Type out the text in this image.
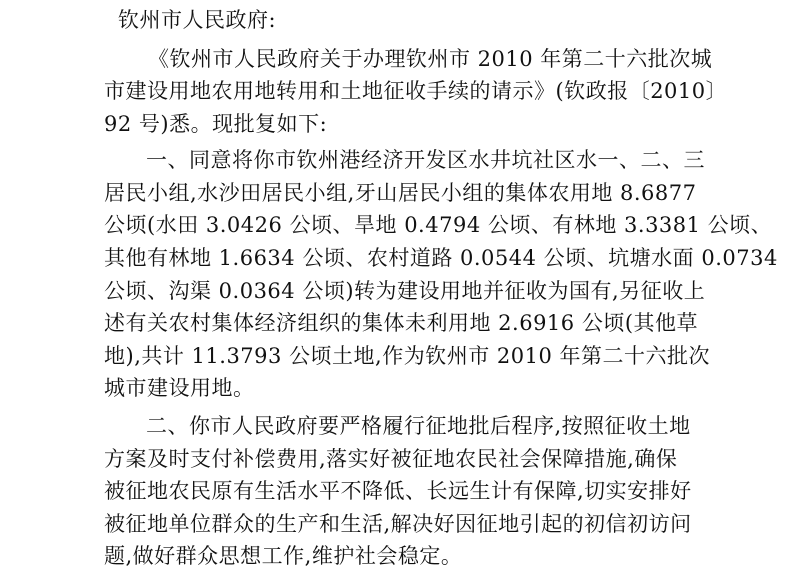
钦州市人民政府:
《钦州市人民政府关于办理钦州市 2010 年第二十六批次城
市建设用地农用地转用和土地征收手续的请示》(钦政报〔2010〕
92 号)悉。现批复如下:
一、同意将你市钦州港经济开发区水井坑社区水一、二、三
居民小组,水沙田居民小组,牙山居民小组的集体农用地 8.6877
公顷(水田 3.0426 公顷、旱地 0.4794 公顷、有林地 3.3381 公顷、
其他有林地 1.6634 公顷、农村道路 0.0544 公顷、坑塘水面 0.0734
公顷、沟渠 0.0364 公顷)转为建设用地并征收为国有,另征收上
述有关农村集体经济组织的集体未利用地 2.6916 公顷(其他草
地),共计 11.3793 公顷土地,作为钦州市 2010 年第二十六批次
城市建设用地。
二、你市人民政府要严格履行征地批后程序,按照征收土地
方案及时支付补偿费用,落实好被征地农民社会保障措施,确保
被征地农民原有生活水平不降低、长远生计有保障,切实安排好
被征地单位群众的生产和生活,解决好因征地引起的初信初访问
题,做好群众思想工作,维护社会稳定。
